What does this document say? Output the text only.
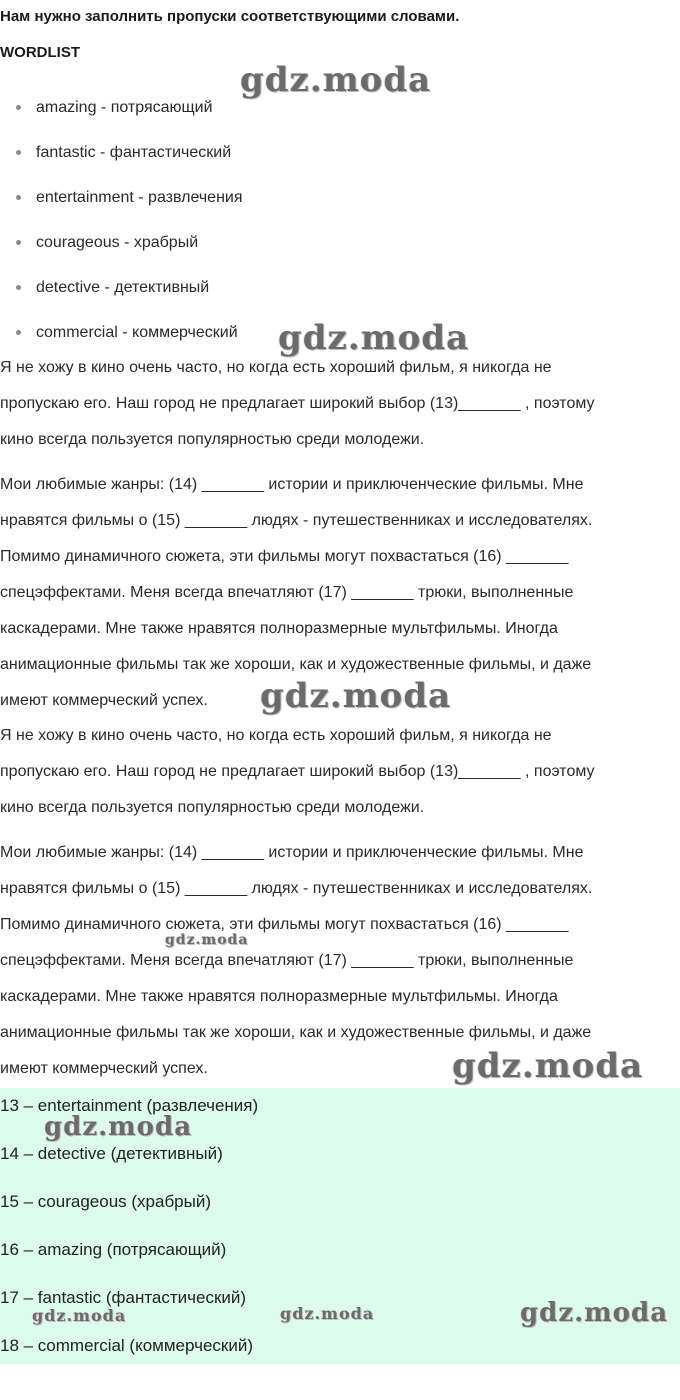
Нам нужно заполнить пропуски соответствующими словами.
WORDLIST
amazing - потрясающий
fantastic - фантастический
entertainment - развлечения
courageous - храбрый
detective - детективный
commercial - коммерческий
Я не хожу в кино очень часто, но когда есть хороший фильм, я никогда не
пропускаю его. Наш город не предлагает широкий выбор (13)_______ , поэтому
кино всегда пользуется популярностью среди молодежи.
Мои любимые жанры: (14) _______ истории и приключенческие фильмы. Мне
нравятся фильмы о (15) _______ людях - путешественниках и исследователях.
Помимо динамичного сюжета, эти фильмы могут похвастаться (16) _______
спецэффектами. Меня всегда впечатляют (17) _______ трюки, выполненные
каскадерами. Мне также нравятся полноразмерные мультфильмы. Иногда
анимационные фильмы так же хороши, как и художественные фильмы, и даже
имеют коммерческий успех.
Я не хожу в кино очень часто, но когда есть хороший фильм, я никогда не
пропускаю его. Наш город не предлагает широкий выбор (13)_______ , поэтому
кино всегда пользуется популярностью среди молодежи.
Мои любимые жанры: (14) _______ истории и приключенческие фильмы. Мне
нравятся фильмы о (15) _______ людях - путешественниках и исследователях.
Помимо динамичного сюжета, эти фильмы могут похвастаться (16) _______
спецэффектами. Меня всегда впечатляют (17) _______ трюки, выполненные
каскадерами. Мне также нравятся полноразмерные мультфильмы. Иногда
анимационные фильмы так же хороши, как и художественные фильмы, и даже
имеют коммерческий успех.
13 – entertainment (развлечения)
14 – detective (детективный)
15 – courageous (храбрый)
16 – amazing (потрясающий)
17 – fantastic (фантастический)
18 – commercial (коммерческий)
gdz.moda
gdz.moda
gdz.moda
gdz.moda
gdz.moda
gdz.moda
gdz.moda	gdz.moda	gdz.moda
